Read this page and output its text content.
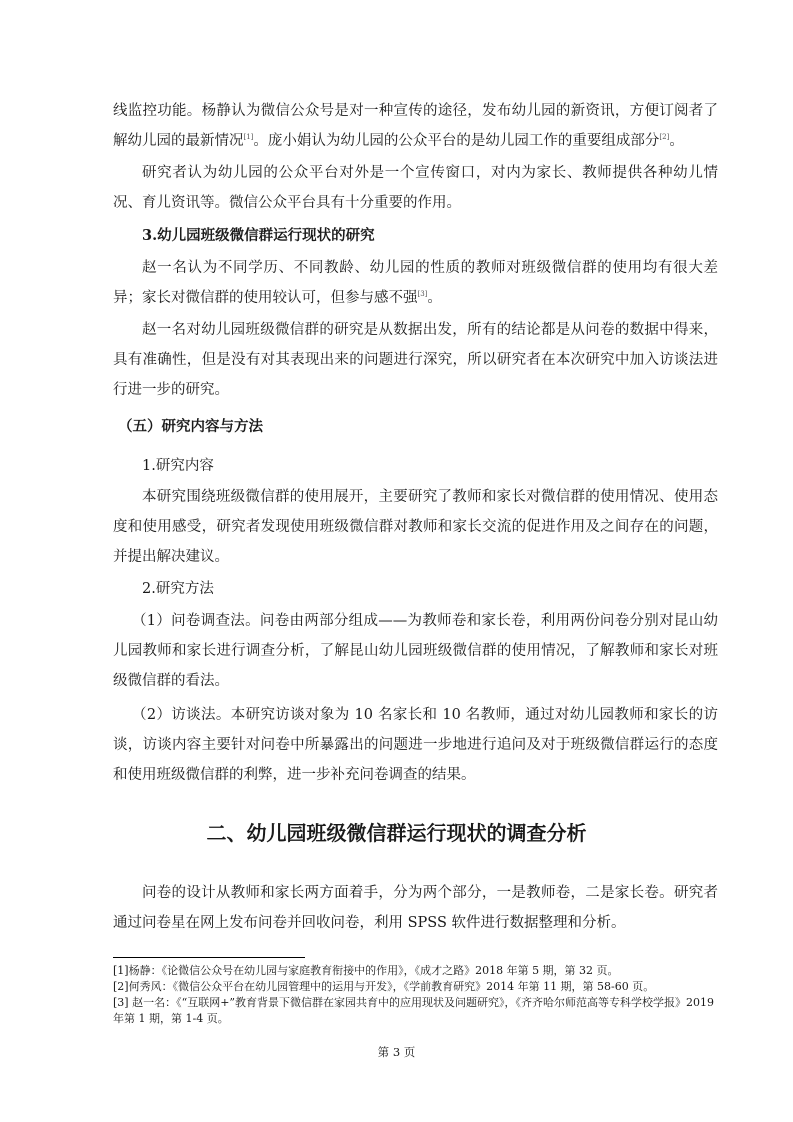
线监控功能。杨静认为微信公众号是对一种宣传的途径，发布幼儿园的新资讯，方便订阅者了解幼儿园的最新情况[1]。庞小娟认为幼儿园的公众平台的是幼儿园工作的重要组成部分[2]。
研究者认为幼儿园的公众平台对外是一个宣传窗口，对内为家长、教师提供各种幼儿情况、育儿资讯等。微信公众平台具有十分重要的作用。
3.幼儿园班级微信群运行现状的研究
赵一名认为不同学历、不同教龄、幼儿园的性质的教师对班级微信群的使用均有很大差异；家长对微信群的使用较认可，但参与感不强[3]。
赵一名对幼儿园班级微信群的研究是从数据出发，所有的结论都是从问卷的数据中得来，具有准确性，但是没有对其表现出来的问题进行深究，所以研究者在本次研究中加入访谈法进行进一步的研究。
（五）研究内容与方法
1.研究内容
本研究围绕班级微信群的使用展开，主要研究了教师和家长对微信群的使用情况、使用态度和使用感受，研究者发现使用班级微信群对教师和家长交流的促进作用及之间存在的问题，并提出解决建议。
2.研究方法
（1）问卷调查法。问卷由两部分组成——为教师卷和家长卷，利用两份问卷分别对昆山幼儿园教师和家长进行调查分析，了解昆山幼儿园班级微信群的使用情况，了解教师和家长对班级微信群的看法。
（2）访谈法。本研究访谈对象为 10 名家长和 10 名教师，通过对幼儿园教师和家长的访谈，访谈内容主要针对问卷中所暴露出的问题进一步地进行追问及对于班级微信群运行的态度和使用班级微信群的利弊，进一步补充问卷调查的结果。
二、幼儿园班级微信群运行现状的调查分析
问卷的设计从教师和家长两方面着手，分为两个部分，一是教师卷，二是家长卷。研究者通过问卷星在网上发布问卷并回收问卷，利用 SPSS 软件进行数据整理和分析。
[1]杨静：《论微信公众号在幼儿园与家庭教育衔接中的作用》，《成才之路》2018 年第 5 期，第 32 页。
[2]何秀风：《微信公众平台在幼儿园管理中的运用与开发》，《学前教育研究》2014 年第 11 期，第 58-60 页。
[3] 赵一名：《“互联网+”教育背景下微信群在家园共育中的应用现状及问题研究》，《齐齐哈尔师范高等专科学校学报》2019 年第 1 期，第 1-4 页。
第 3 页
